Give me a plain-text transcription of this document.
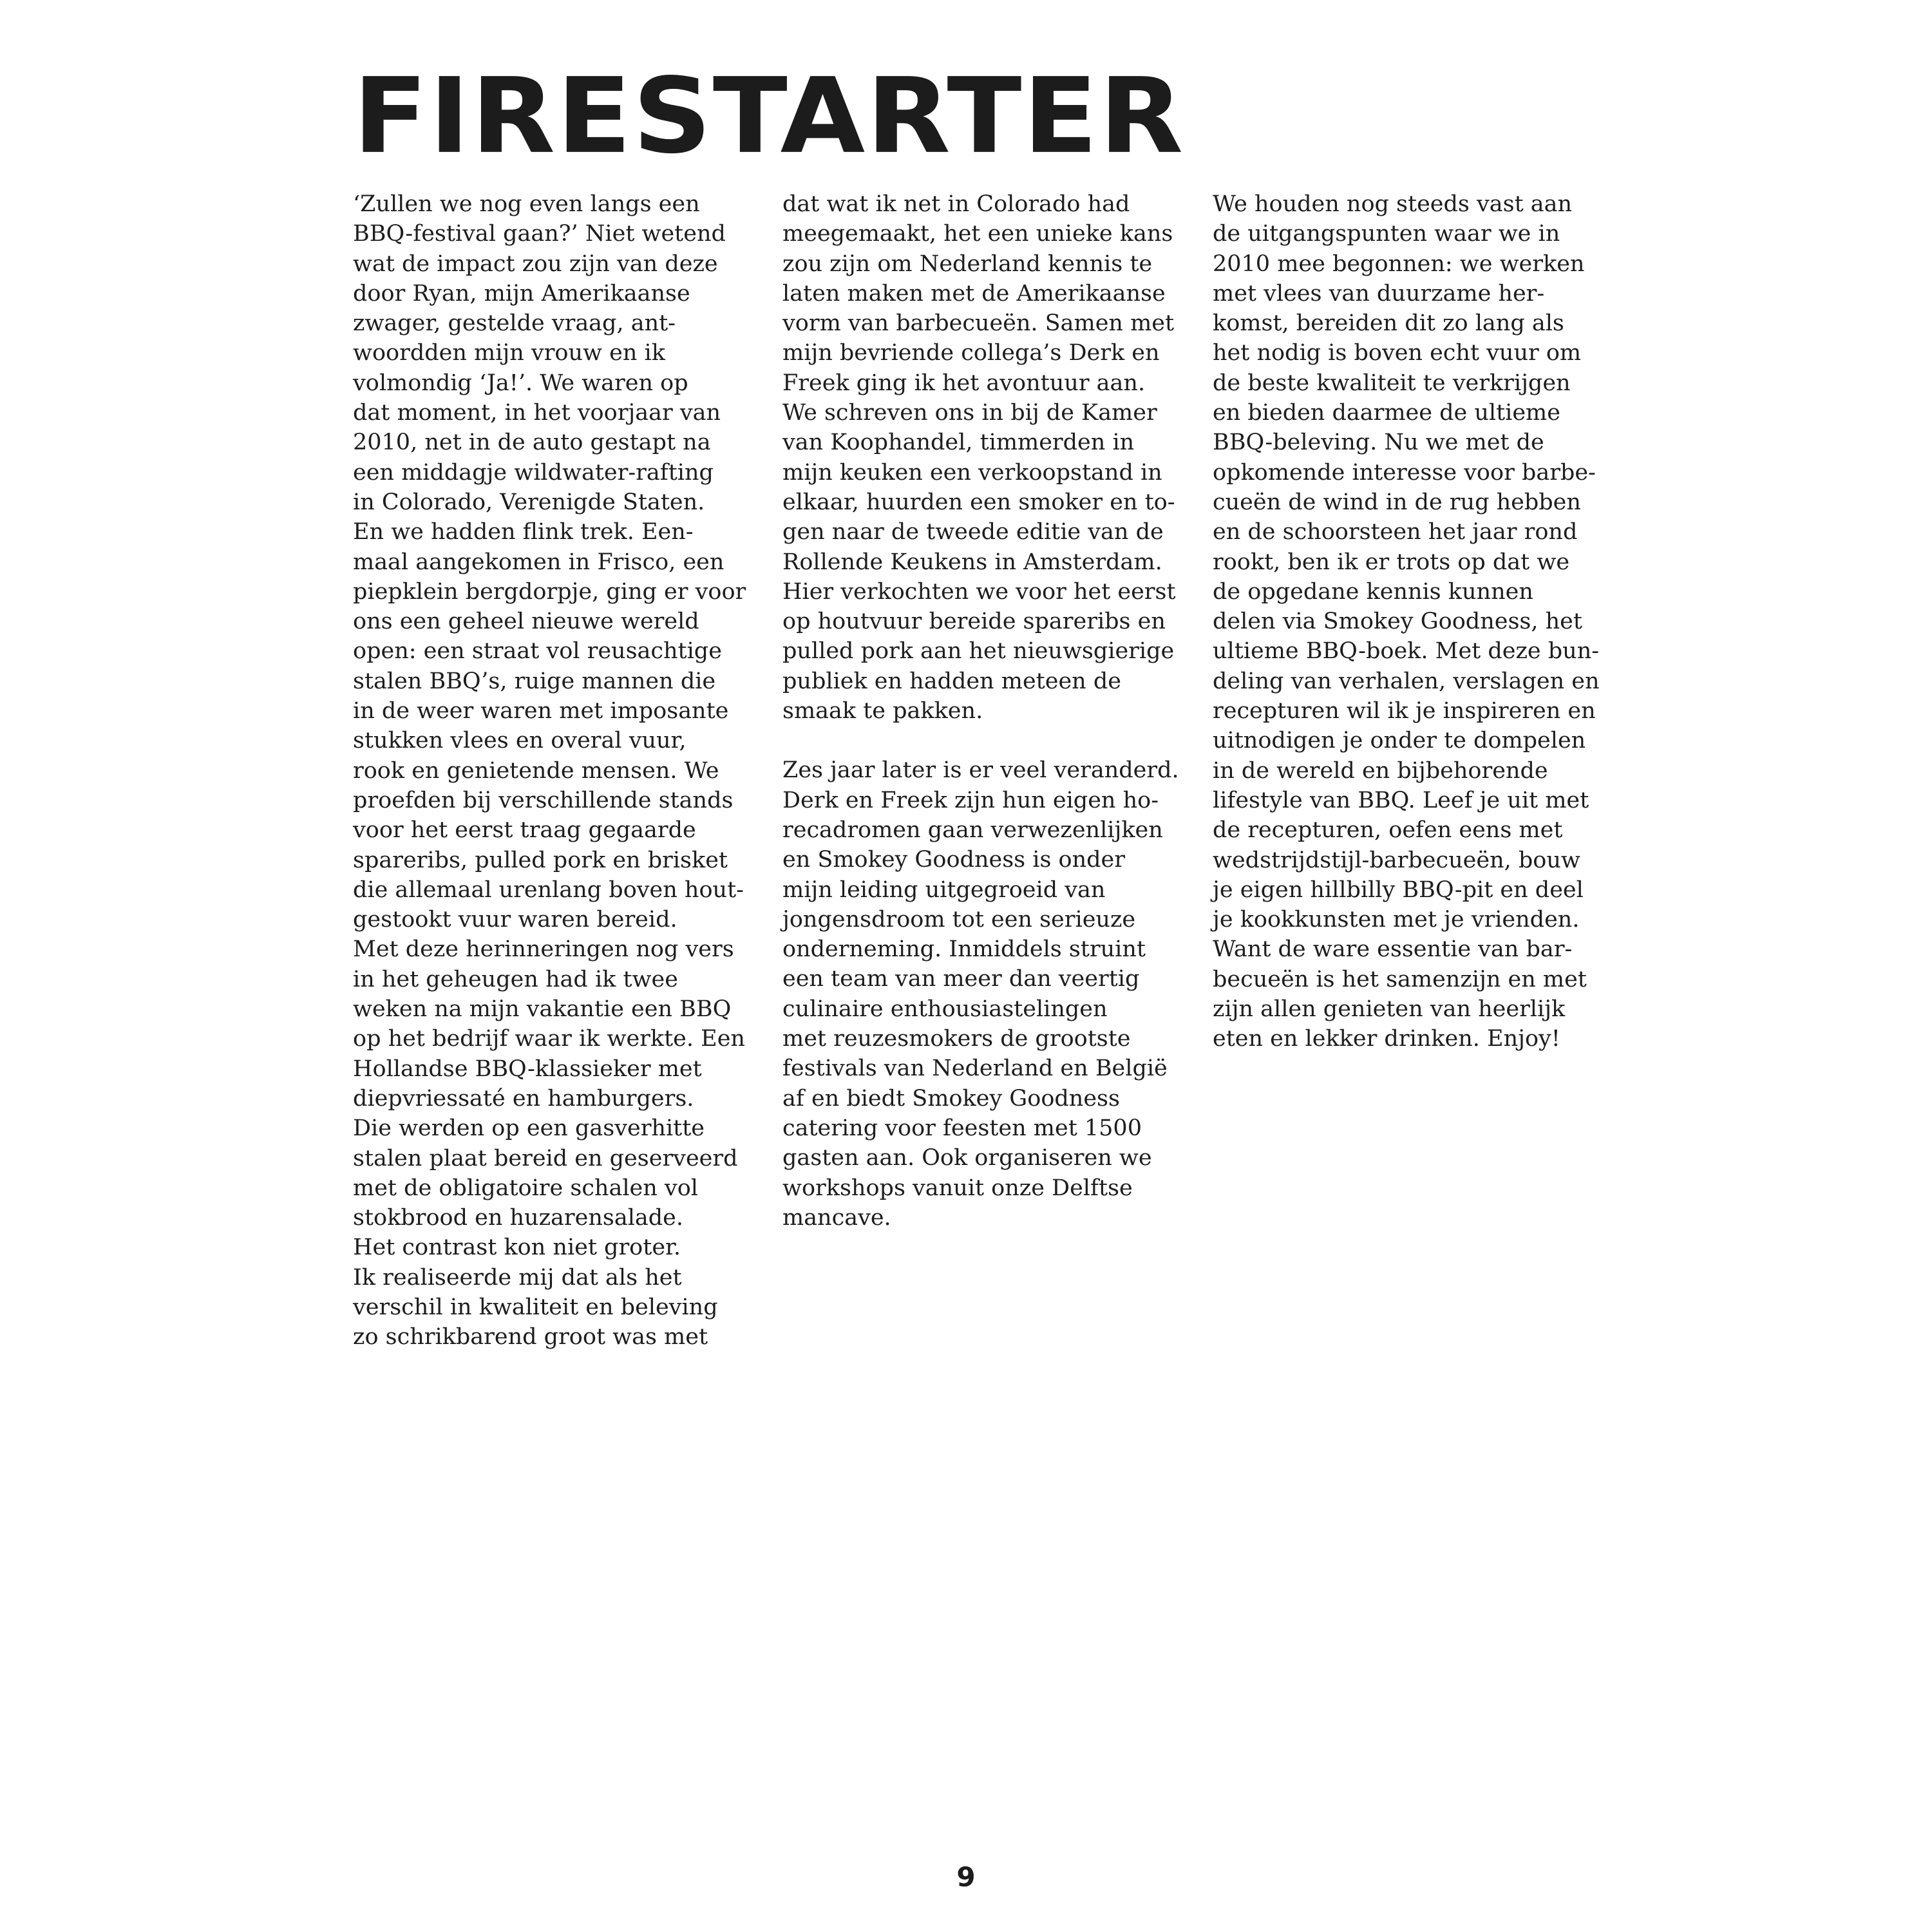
FIRESTARTER

‘Zullen we nog even langs een
BBQ-festival gaan?’ Niet wetend
wat de impact zou zijn van deze
door Ryan, mijn Amerikaanse
zwager, gestelde vraag, ant-
woordden mijn vrouw en ik
volmondig ‘Ja!’. We waren op
dat moment, in het voorjaar van
2010, net in de auto gestapt na
een middagje wildwater-rafting
in Colorado, Verenigde Staten.
En we hadden flink trek. Een-
maal aangekomen in Frisco, een
piepklein bergdorpje, ging er voor
ons een geheel nieuwe wereld
open: een straat vol reusachtige
stalen BBQ’s, ruige mannen die
in de weer waren met imposante
stukken vlees en overal vuur,
rook en genietende mensen. We
proefden bij verschillende stands
voor het eerst traag gegaarde
spareribs, pulled pork en brisket
die allemaal urenlang boven hout-
gestookt vuur waren bereid.
Met deze herinneringen nog vers
in het geheugen had ik twee
weken na mijn vakantie een BBQ
op het bedrijf waar ik werkte. Een
Hollandse BBQ-klassieker met
diepvriessaté en hamburgers.
Die werden op een gasverhitte
stalen plaat bereid en geserveerd
met de obligatoire schalen vol
stokbrood en huzarensalade.
Het contrast kon niet groter.
Ik realiseerde mij dat als het
verschil in kwaliteit en beleving
zo schrikbarend groot was met

dat wat ik net in Colorado had
meegemaakt, het een unieke kans
zou zijn om Nederland kennis te
laten maken met de Amerikaanse
vorm van barbecueën. Samen met
mijn bevriende collega’s Derk en
Freek ging ik het avontuur aan.
We schreven ons in bij de Kamer
van Koophandel, timmerden in
mijn keuken een verkoopstand in
elkaar, huurden een smoker en to-
gen naar de tweede editie van de
Rollende Keukens in Amsterdam.
Hier verkochten we voor het eerst
op houtvuur bereide spareribs en
pulled pork aan het nieuwsgierige
publiek en hadden meteen de
smaak te pakken.

Zes jaar later is er veel veranderd.
Derk en Freek zijn hun eigen ho-
recadromen gaan verwezenlijken
en Smokey Goodness is onder
mijn leiding uitgegroeid van
jongensdroom tot een serieuze
onderneming. Inmiddels struint
een team van meer dan veertig
culinaire enthousiastelingen
met reuzesmokers de grootste
festivals van Nederland en België
af en biedt Smokey Goodness
catering voor feesten met 1500
gasten aan. Ook organiseren we
workshops vanuit onze Delftse
mancave.

We houden nog steeds vast aan
de uitgangspunten waar we in
2010 mee begonnen: we werken
met vlees van duurzame her-
komst, bereiden dit zo lang als
het nodig is boven echt vuur om
de beste kwaliteit te verkrijgen
en bieden daarmee de ultieme
BBQ-beleving. Nu we met de
opkomende interesse voor barbe-
cueën de wind in de rug hebben
en de schoorsteen het jaar rond
rookt, ben ik er trots op dat we
de opgedane kennis kunnen
delen via Smokey Goodness, het
ultieme BBQ-boek. Met deze bun-
deling van verhalen, verslagen en
recepturen wil ik je inspireren en
uitnodigen je onder te dompelen
in de wereld en bijbehorende
lifestyle van BBQ. Leef je uit met
de recepturen, oefen eens met
wedstrijdstijl-barbecueën, bouw
je eigen hillbilly BBQ-pit en deel
je kookkunsten met je vrienden.
Want de ware essentie van bar-
becueën is het samenzijn en met
zijn allen genieten van heerlijk
eten en lekker drinken. Enjoy!

9
